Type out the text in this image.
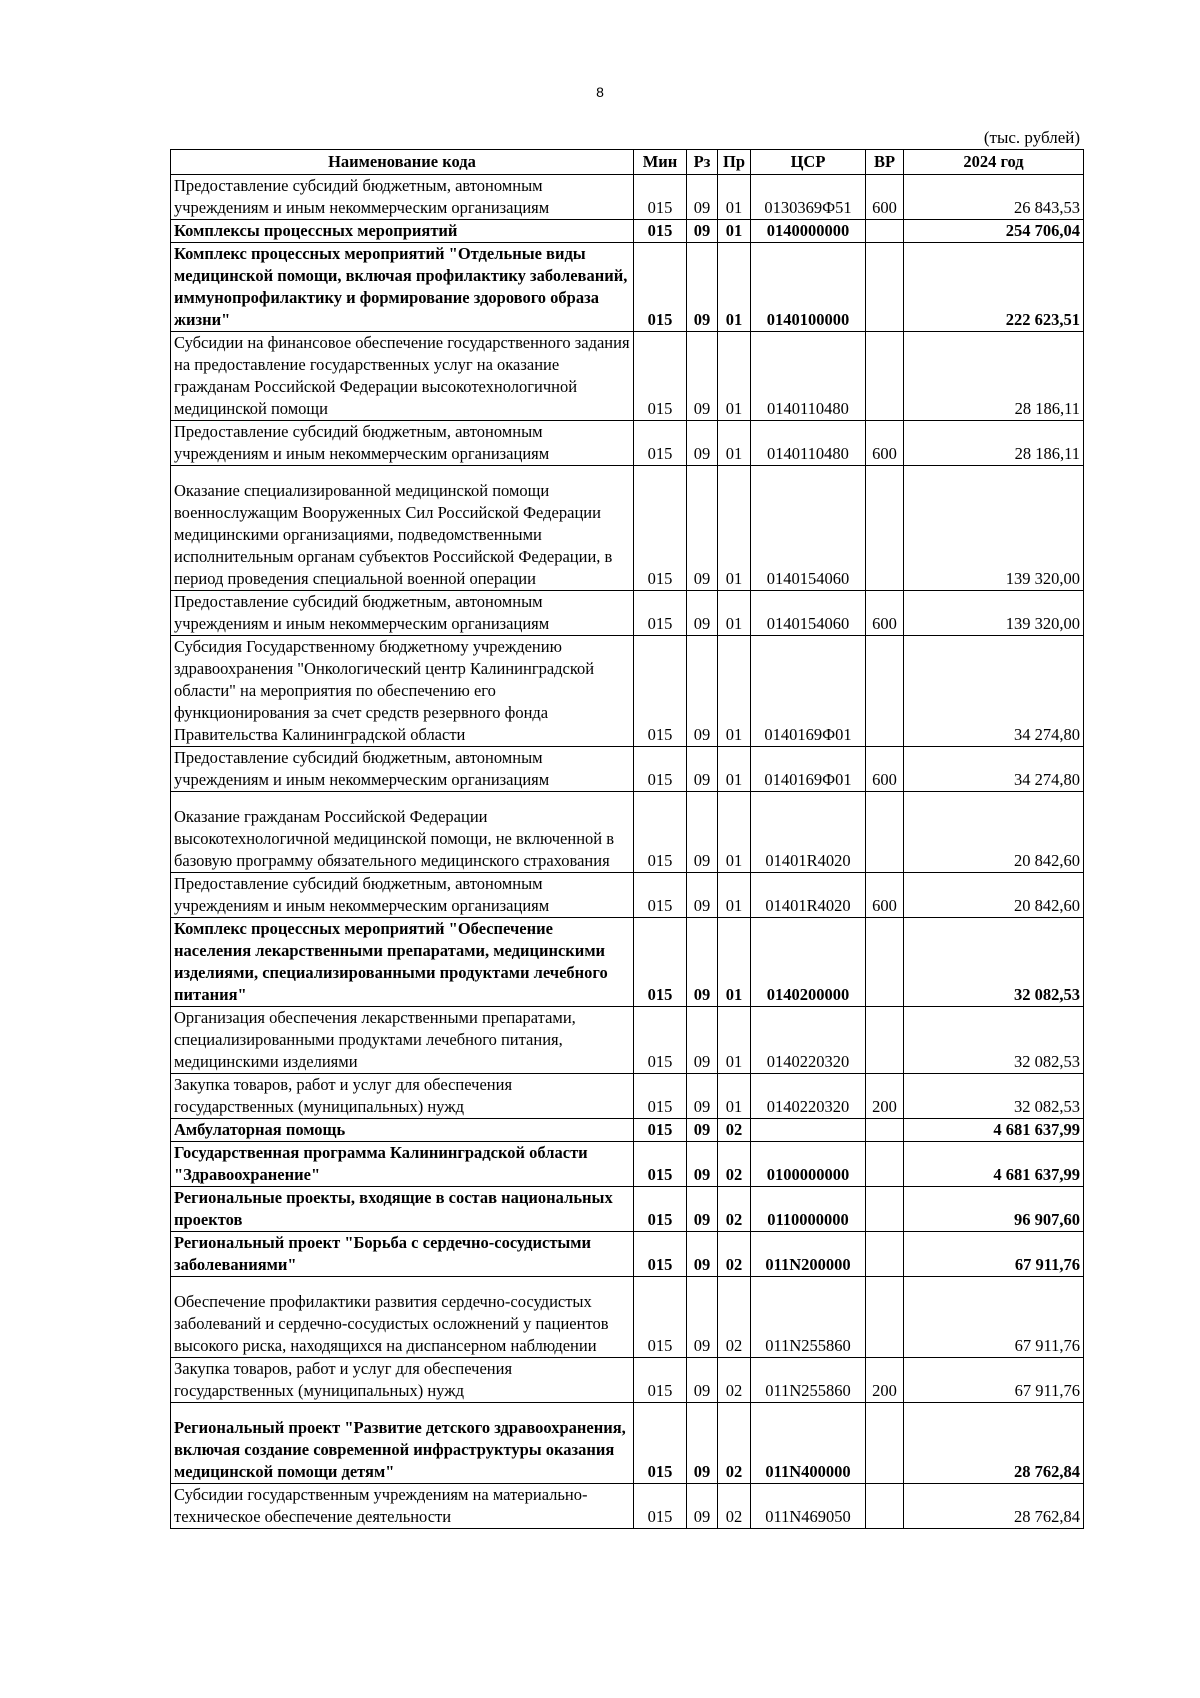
8
(тыс. рублей)
Наименование кода	Мин	Рз	Пр	ЦСР	ВР	2024 год
Предоставление субсидий бюджетным, автономным учреждениям и иным некоммерческим организациям	015	09	01	0130369Ф51	600	26 843,53
Комплексы процессных мероприятий	015	09	01	0140000000		254 706,04
Комплекс процессных мероприятий "Отдельные виды медицинской помощи, включая профилактику заболеваний, иммунопрофилактику и формирование здорового образа жизни"	015	09	01	0140100000		222 623,51
Субсидии на финансовое обеспечение государственного задания на предоставление государственных услуг на оказание гражданам Российской Федерации высокотехнологичной медицинской помощи	015	09	01	0140110480		28 186,11
Предоставление субсидий бюджетным, автономным учреждениям и иным некоммерческим организациям	015	09	01	0140110480	600	28 186,11
Оказание специализированной медицинской помощи военнослужащим Вооруженных Сил Российской Федерации медицинскими организациями, подведомственными исполнительным органам субъектов Российской Федерации, в период проведения специальной военной операции	015	09	01	0140154060		139 320,00
Предоставление субсидий бюджетным, автономным учреждениям и иным некоммерческим организациям	015	09	01	0140154060	600	139 320,00
Субсидия Государственному бюджетному учреждению здравоохранения "Онкологический центр Калининградской области" на мероприятия по обеспечению его функционирования за счет средств резервного фонда Правительства Калининградской области	015	09	01	0140169Ф01		34 274,80
Предоставление субсидий бюджетным, автономным учреждениям и иным некоммерческим организациям	015	09	01	0140169Ф01	600	34 274,80
Оказание гражданам Российской Федерации высокотехнологичной медицинской помощи, не включенной в базовую программу обязательного медицинского страхования	015	09	01	01401R4020		20 842,60
Предоставление субсидий бюджетным, автономным учреждениям и иным некоммерческим организациям	015	09	01	01401R4020	600	20 842,60
Комплекс процессных мероприятий "Обеспечение населения лекарственными препаратами, медицинскими изделиями, специализированными продуктами лечебного питания"	015	09	01	0140200000		32 082,53
Организация обеспечения лекарственными препаратами, специализированными продуктами лечебного питания, медицинскими изделиями	015	09	01	0140220320		32 082,53
Закупка товаров, работ и услуг для обеспечения государственных (муниципальных) нужд	015	09	01	0140220320	200	32 082,53
Амбулаторная помощь	015	09	02			4 681 637,99
Государственная программа Калининградской области "Здравоохранение"	015	09	02	0100000000		4 681 637,99
Региональные проекты, входящие в состав национальных проектов	015	09	02	0110000000		96 907,60
Региональный проект "Борьба с сердечно-сосудистыми заболеваниями"	015	09	02	011N200000		67 911,76
Обеспечение профилактики развития сердечно-сосудистых заболеваний и сердечно-сосудистых осложнений у пациентов высокого риска, находящихся на диспансерном наблюдении	015	09	02	011N255860		67 911,76
Закупка товаров, работ и услуг для обеспечения государственных (муниципальных) нужд	015	09	02	011N255860	200	67 911,76
Региональный проект "Развитие детского здравоохранения, включая создание современной инфраструктуры оказания медицинской помощи детям"	015	09	02	011N400000		28 762,84
Субсидии государственным учреждениям на материально-техническое обеспечение деятельности	015	09	02	011N469050		28 762,84
